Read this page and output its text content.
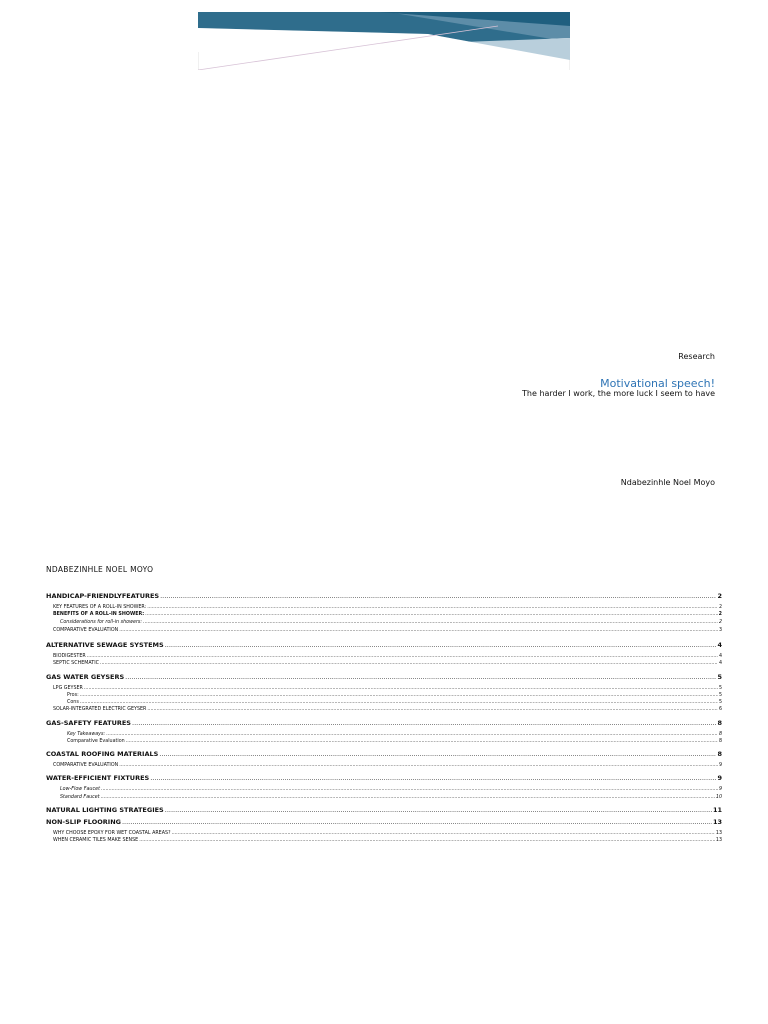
Research
Motivational speech!
The harder I work, the more luck I seem to have
Ndabezinhle Noel Moyo
NDABEZINHLE NOEL MOYO
HANDICAP-FRIENDLYFEATURES .....	2
KEY FEATURES OF A ROLL-IN SHOWER: .....	2
BENEFITS OF A ROLL-IN SHOWER: .....	2
Considerations for roll-in showers: .....	2
COMPARATIVE EVALUATION .....	3
ALTERNATIVE SEWAGE SYSTEMS .....	4
BIODIGESTER .....	4
SEPTIC SCHEMATIC .....	4
GAS WATER GEYSERS .....	5
LPG GEYSER .....	5
Pros: .....	5
Cons .....	5
SOLAR-INTEGRATED ELECTRIC GEYSER .....	6
GAS-SAFETY FEATURES .....	8
Key Takeaways: .....	8
Comparative Evaluation .....	8
COASTAL ROOFING MATERIALS .....	8
COMPARATIVE EVALUATION .....	9
WATER-EFFICIENT FIXTURES .....	9
Low-Flow Faucet .....	9
Standard Faucet .....	10
NATURAL LIGHTING STRATEGIES .....	11
NON-SLIP FLOORING .....	13
WHY CHOOSE EPOXY FOR WET COASTAL AREAS? .....	13
WHEN CERAMIC TILES MAKE SENSE .....	13
